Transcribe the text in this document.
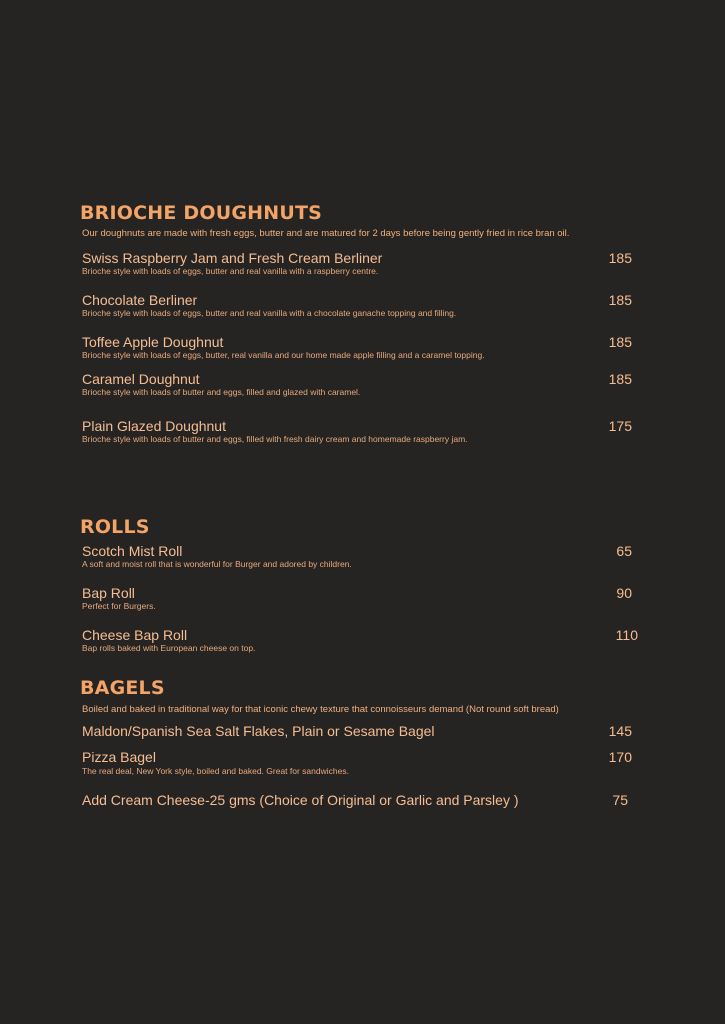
BRIOCHE DOUGHNUTS
Our doughnuts are made with fresh eggs, butter and are matured for 2 days before being gently fried in rice bran oil.
Swiss Raspberry Jam and Fresh Cream Berliner
Brioche style with loads of eggs, butter and real vanilla with a raspberry centre.
185
Chocolate Berliner
Brioche style with loads of eggs, butter and real vanilla with a chocolate ganache topping and filling.
185
Toffee Apple Doughnut
Brioche style with loads of eggs, butter, real vanilla and our home made apple filling and a caramel topping.
185
Caramel Doughnut
Brioche style with loads of butter and eggs, filled and glazed with caramel.
185
Plain Glazed Doughnut
Brioche style with loads of butter and eggs, filled with fresh dairy cream and homemade raspberry jam.
175
ROLLS
Scotch Mist Roll
A soft and moist roll that is wonderful for Burger and adored by children.
65
Bap Roll
Perfect for Burgers.
90
Cheese Bap Roll
Bap rolls baked with European cheese on top.
110
BAGELS
Boiled and baked in traditional way for that iconic chewy texture that connoisseurs demand (Not round soft bread)
Maldon/Spanish Sea Salt Flakes, Plain or Sesame Bagel	145
Pizza Bagel
The real deal, New York style, boiled and baked. Great for sandwiches.
170
Add Cream Cheese-25 gms (Choice of Original or Garlic and Parsley )	75
